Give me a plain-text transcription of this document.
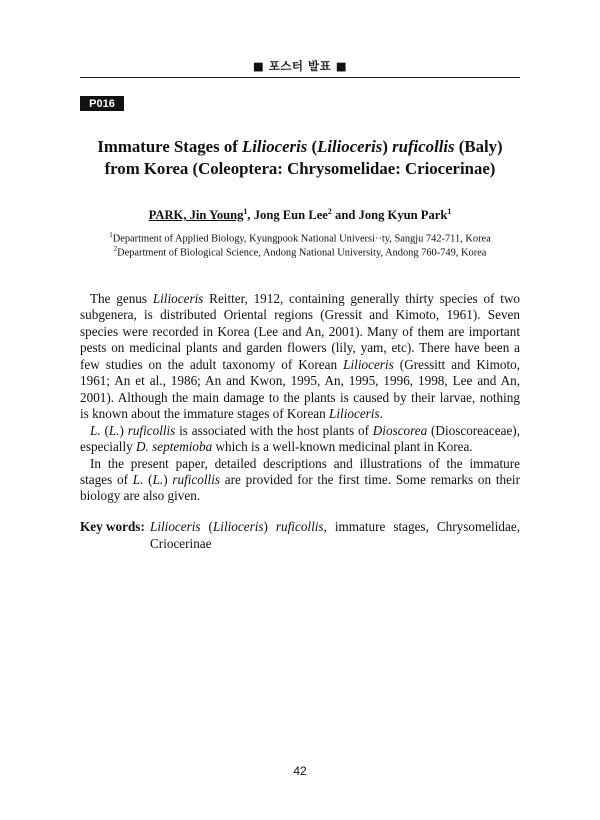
■ 포스터 발표 ■
P016
Immature Stages of Lilioceris (Lilioceris) ruficollis (Baly)
from Korea (Coleoptera: Chrysomelidae: Criocerinae)
PARK, Jin Young$^1$, Jong Eun Lee$^2$ and Jong Kyun Park$^1$
$^1$Department of Applied Biology, Kyungpook National Universi··ty, Sangju 742-711, Korea
$^2$Department of Biological Science, Andong National University, Andong 760-749, Korea

The genus Lilioceris Reitter, 1912, containing generally thirty species of two
subgenera, is distributed Oriental regions (Gressit and Kimoto, 1961). Seven
species were recorded in Korea (Lee and An, 2001). Many of them are important
pests on medicinal plants and garden flowers (lily, yam, etc). There have been a
few studies on the adult taxonomy of Korean Lilioceris (Gressitt and Kimoto,
1961; An et al., 1986; An and Kwon, 1995, An, 1995, 1996, 1998, Lee and An,
2001). Although the main damage to the plants is caused by their larvae, nothing
is known about the immature stages of Korean Lilioceris.

L. (L.) ruficollis is associated with the host plants of Dioscorea (Dioscoreaceae),
especially D. septemioba which is a well-known medicinal plant in Korea.

In the present paper, detailed descriptions and illustrations of the immature
stages of L. (L.) ruficollis are provided for the first time. Some remarks on their
biology are also given.

Key words: Lilioceris (Lilioceris) ruficollis, immature stages, Chrysomelidae,
Criocerinae
42
